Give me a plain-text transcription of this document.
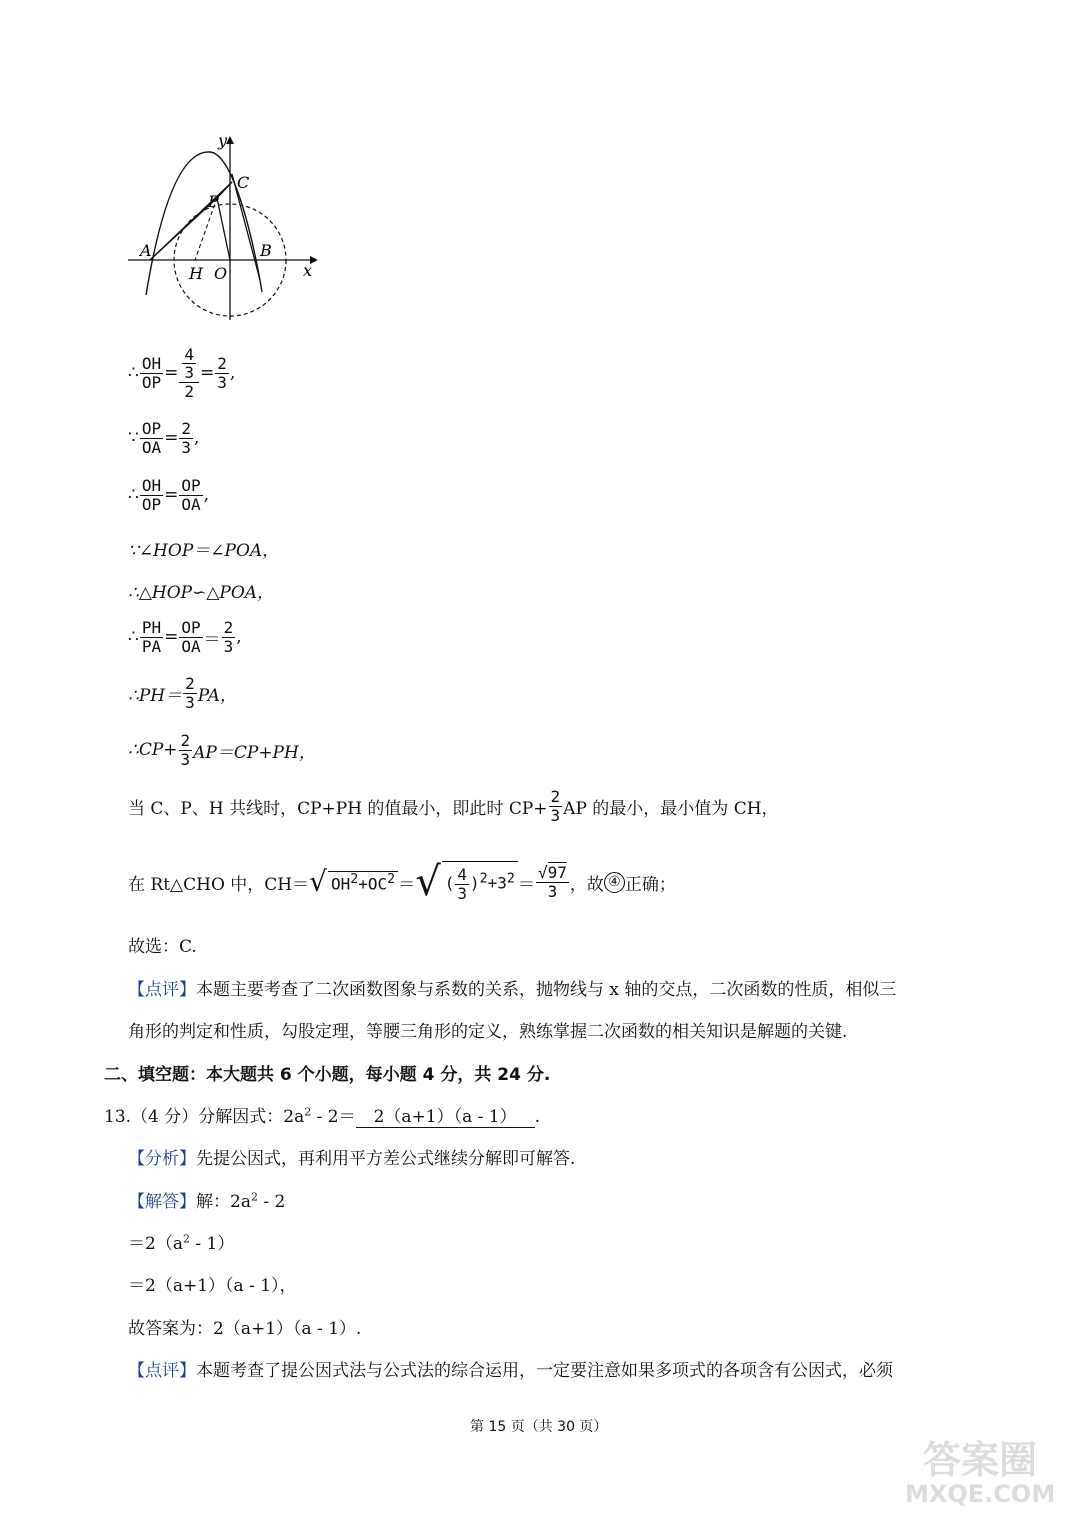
y
C
P
A	B
H O	x
∴ $\frac{OH}{OP} = \frac{\frac{4}{3}}{2} = \frac{2}{3}$ ,
∵ $\frac{OP}{OA} = \frac{2}{3}$ ,
∴ $\frac{OH}{OP} = \frac{OP}{OA}$ ,
∵∠HOP＝∠POA，
∴△HOP∽△POA，
∴ $\frac{PH}{PA} = \frac{OP}{OA} = \frac{2}{3}$ ,
∴PH＝ $\frac{2}{3}$ PA，
∴CP+ $\frac{2}{3} AP=CP+PH$，
当 C、P、H 共线时，CP+PH 的值最小，即此时 $CP+ \frac{2}{3}$ AP 的最小，最小值为 CH，
在 Rt△CHO 中，CH＝ √ $OH^2+OC^2$ ＝ √ ( $\frac{4}{3} )^2+3^2 = \frac{√97}{3}$ ，故 ④ 正确；
故选：C.
【点评】本题主要考查了二次函数图象与系数的关系，抛物线与 x 轴的交点，二次函数的性质，相似三
角形的判定和性质，勾股定理，等腰三角形的定义，熟练掌握二次函数的相关知识是解题的关键.
二、填空题：本大题共 6 个小题，每小题 4 分，共 24 分.
13.（4 分）分解因式：$2a^2 - 2= 2(a+1)(a - 1)$ .
【分析】先提公因式，再利用平方差公式继续分解即可解答.
【解答】解：$2a^2 - 2$
$=2(a^2 - 1)$
＝2（a+1）（a - 1），
故答案为：2（a+1）（a - 1）.
【点评】本题考查了提公因式法与公式法的综合运用，一定要注意如果多项式的各项含有公因式，必须
第 15 页（共 30 页）
答案圈
MXQE.COM
